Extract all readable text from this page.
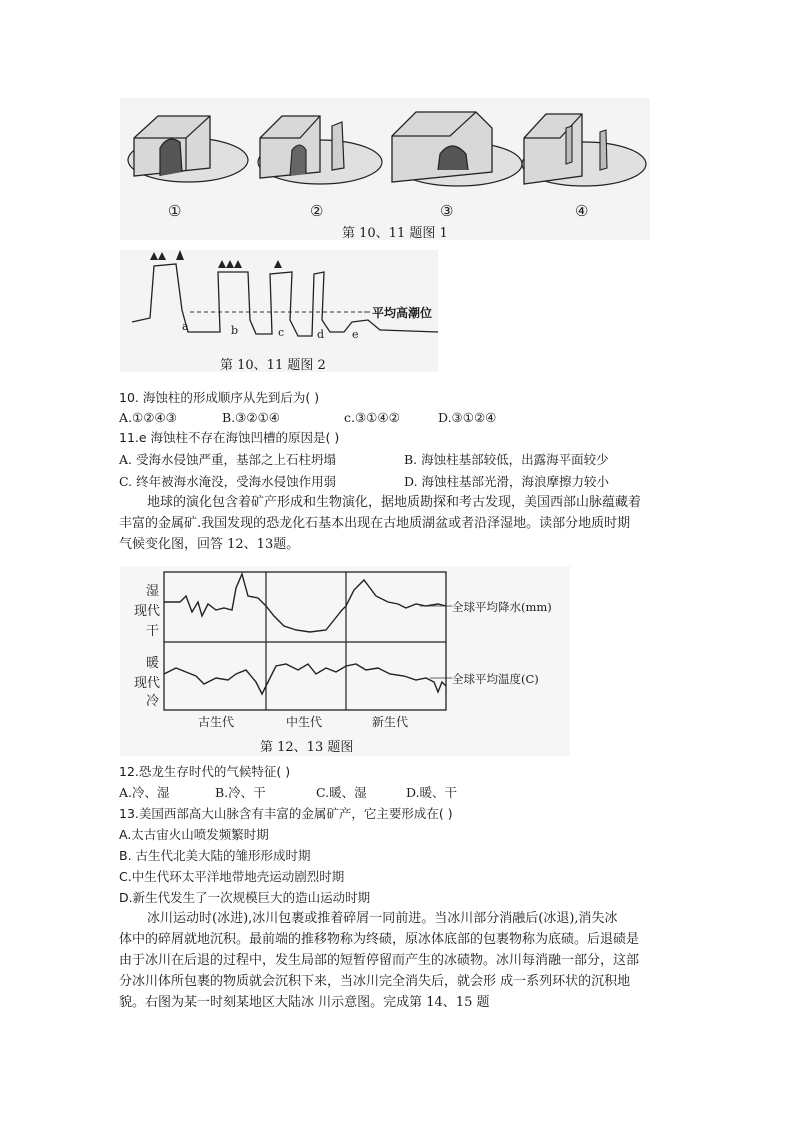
①	②	③	④
第 10、11 题图 1
平均高潮位
a	b	c	d	e
第 10、11 题图 2
10. 海蚀柱的形成顺序从先到后为( )
A.①②④③	B.③②①④	c.③①④②	D.③①②④
11.e 海蚀柱不存在海蚀凹槽的原因是( )
A. 受海水侵蚀严重，基部之上石柱坍塌	B. 海蚀柱基部较低，出露海平面较少
C. 终年被海水淹没，受海水侵蚀作用弱	D. 海蚀柱基部光滑，海浪摩擦力较小
地球的演化包含着矿产形成和生物演化，据地质勘探和考古发现，美国西部山脉蕴藏着
丰富的金属矿.我国发现的恐龙化石基本出现在古地质湖盆或者沿泽湿地。读部分地质时期
气候变化图，回答 12、13题。
湿
现代
干
暖
现代
冷
全球平均降水(mm)
全球平均温度(C)
古生代	中生代	新生代
第 12、13 题图
12.恐龙生存时代的气候特征( )
A.冷、湿	B.冷、干	C.暖、湿	D.暖、干
13.美国西部高大山脉含有丰富的金属矿产，它主要形成在( )
A.太古宙火山喷发频繁时期
B. 古生代北美大陆的雏形形成时期
C.中生代环太平洋地带地壳运动剧烈时期
D.新生代发生了一次规模巨大的造山运动时期
冰川运动时(冰进),冰川包裹或推着碎屑一同前进。当冰川部分消融后(冰退),消失冰
体中的碎屑就地沉积。最前端的推移物称为终碛，原冰体底部的包裹物称为底碛。后退碛是
由于冰川在后退的过程中，发生局部的短暂停留而产生的冰碛物。冰川每消融一部分，这部
分冰川体所包裹的物质就会沉积下来，当冰川完全消失后，就会形 成一系列环状的沉积地
貌。右图为某一时刻某地区大陆冰 川示意图。完成第 14、15 题
